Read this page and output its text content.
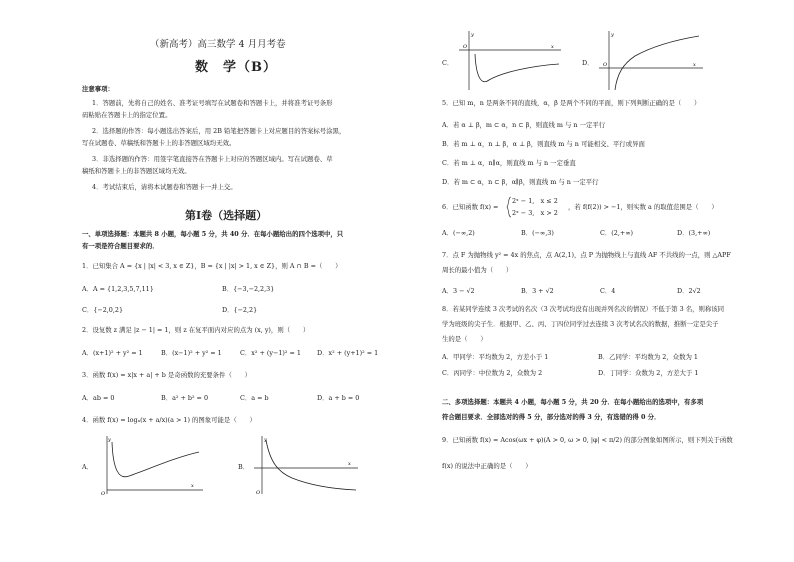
（新高考）高三数学 4 月月考卷
数　学（B）
注意事项：
1．答题前，先将自己的姓名、准考证号填写在试题卷和答题卡上，并将准考证号条形
码粘贴在答题卡上的指定位置。
2．选择题的作答：每小题选出答案后，用 2B 铅笔把答题卡上对应题目的答案标号涂黑，
写在试题卷、草稿纸和答题卡上的非答题区域均无效。
3．非选择题的作答：用签字笔直接答在答题卡上对应的答题区域内。写在试题卷、草
稿纸和答题卡上的非答题区域均无效。
4．考试结束后，请将本试题卷和答题卡一并上交。
第Ⅰ卷（选择题）
一、单项选择题：本题共 8 小题，每小题 5 分，共 40 分．在每小题给出的四个选项中，只
有一项是符合题目要求的．
1．已知集合 A = {x | |x| < 3, x ∈ Z}，B = {x | |x| > 1, x ∈ Z}，则 A ∩ B =（　　）
A．A = {1,2,3,5,7,11}	B．{−3,−2,2,3}
C．{−2,0,2}	D．{−2,2}
2．设复数 z 满足 |z − 1| = 1，则 z 在复平面内对应的点为 (x, y)，则（　　）
A．(x+1)² + y² = 1	B．(x−1)² + y² = 1	C．x² + (y−1)² = 1	D．x² + (y+1)² = 1
3．函数 f(x) = x|x + a| + b 是奇函数的充要条件（　　）
A．ab = 0	B．a² + b² = 0	C．a = b	D．a + b = 0
4．函数 f(x) = logₐ(x + a/x)(a > 1) 的图象可能是（　　）
A．	B．
y
x
O
y
x
O
C．	D．
y
x
O
y
x
O
5．已知 m，n 是两条不同的直线，α，β 是两个不同的平面，则下列判断正确的是（　　）
A．若 α ⊥ β，m ⊂ α，n ⊂ β，则直线 m 与 n 一定平行
B．若 m ⊥ α，n ⊥ β，α ⊥ β，则直线 m 与 n 可能相交、平行或异面
C．若 m ⊥ α，n∥α，则直线 m 与 n 一定垂直
D．若 m ⊂ α，n ⊂ β，α∥β，则直线 m 与 n 一定平行
6．已知函数 f(x) =
2ˣ − 1,　x ≤ 2
2ˣ − 3,　x > 2
，若 f(f(2)) > −1，则实数 a 的取值范围是（　　）
A．(−∞,2)	B．(−∞,3)	C．(2,+∞)	D．(3,+∞)
7．点 F 为抛物线 y² = 4x 的焦点，点 A(2,1)，点 P 为抛物线上与直线 AF 不共线的一点，则 △APF
周长的最小值为（　　）
A．3 − √2	B．3 + √2	C．4	D．2√2
8．若某同学连续 3 次考试的名次（3 次考试均没有出现并列名次的情况）不低于第 3 名，则称该同
学为班级的尖子生．根据甲、乙、丙、丁四位同学过去连续 3 次考试名次的数据，推断一定是尖子
生的是（　　）
A．甲同学：平均数为 2，方差小于 1	B．乙同学：平均数为 2，众数为 1
C．丙同学：中位数为 2，众数为 2	D．丁同学：众数为 2，方差大于 1
二、多项选择题：本题共 4 小题，每小题 5 分，共 20 分．在每小题给出的选项中，有多项
符合题目要求．全部选对的得 5 分，部分选对的得 3 分，有选错的得 0 分．
9．已知函数 f(x) = Acos(ωx + φ)(A > 0, ω > 0, |φ| < π/2) 的部分图象如图所示，则下列关于函数
f(x) 的说法中正确的是（　　）
